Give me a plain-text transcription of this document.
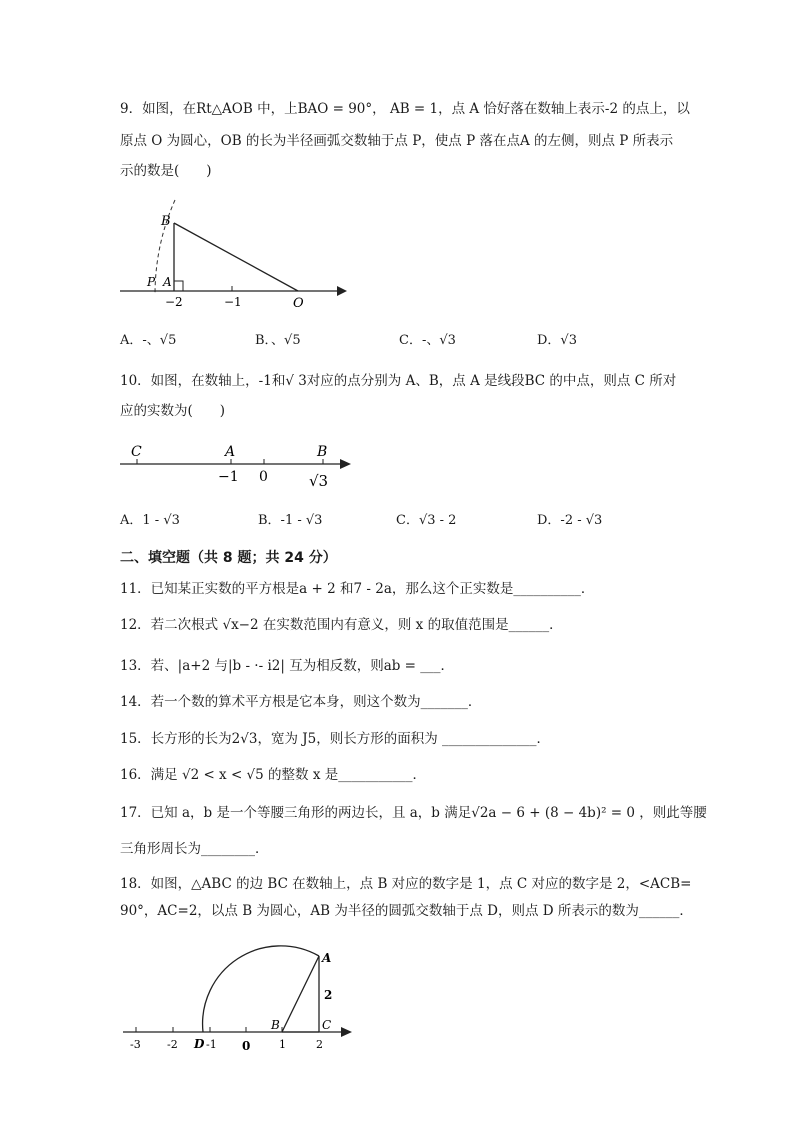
9．如图，在Rt△AOB 中，上BAO = 90°， AB = 1，点 A 恰好落在数轴上表示-2 的点上，以
原点 O 为圆心，OB 的长为半径画弧交数轴于点 P，使点 P 落在点A 的左侧，则点 P 所表示
示的数是(　　)
B
P A
O
−2	−1
A．-、√5	B．、√5	C．-、√3	D．√3
10．如图，在数轴上，-1和√ 3对应的点分别为 A、B，点 A 是线段BC 的中点，则点 C 所对
应的实数为(　　)
C	A	B
−1 0	√3
A．1 - √3	B．-1 - √3	C．√3 - 2	D．-2 - √3
二、填空题（共 8 题；共 24 分）
11．已知某正实数的平方根是a + 2 和7 - 2a，那么这个正实数是__________．
12．若二次根式 √x−2 在实数范围内有意义，则 x 的取值范围是______．
13．若、|a+2 与|b - ·- i2| 互为相反数，则ab = ___．
14．若一个数的算术平方根是它本身，则这个数为_______．
15．长方形的长为2√3，宽为 J5，则长方形的面积为 ______________．
16．满足 √2 < x < √5 的整数 x 是___________．
17．已知 a，b 是一个等腰三角形的两边长，且 a，b 满足√2a − 6 + (8 − 4b)² = 0 ，则此等腰
三角形周长为________．
18．如图，△ABC 的边 BC 在数轴上，点 B 对应的数字是 1，点 C 对应的数字是 2，<ACB=
90°，AC=2，以点 B 为圆心，AB 为半径的圆弧交数轴于点 D，则点 D 所表示的数为______．
A
2
B	C
D
-3 -2	-1 0	1	2
